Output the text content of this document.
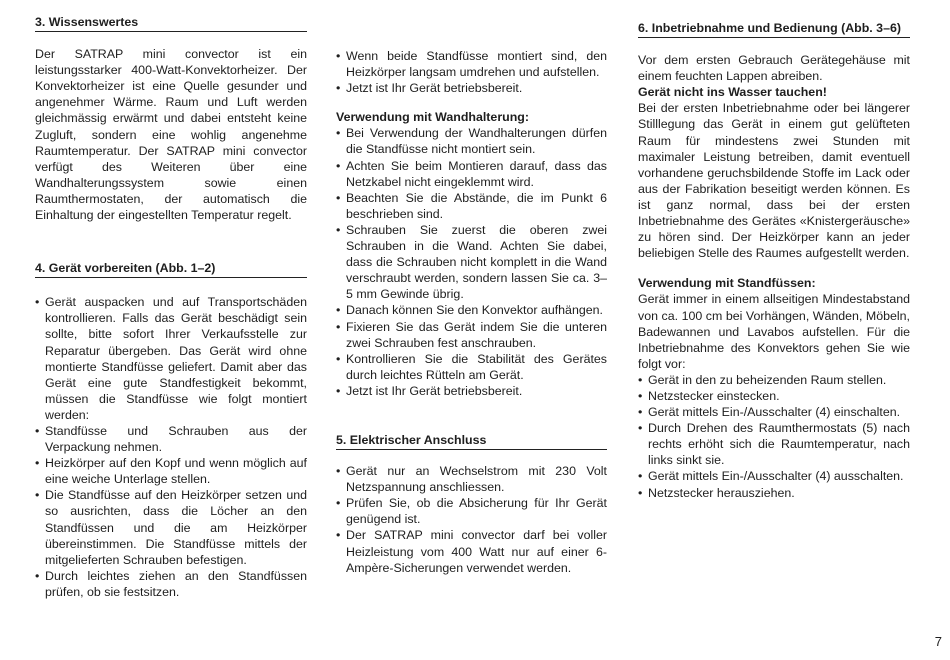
3. Wissenswertes

Der SATRAP mini convector ist ein leistungsstarker 400-Watt-Konvektorheizer. Der Konvektorheizer ist eine Quelle gesunder und angenehmer Wärme. Raum und Luft werden gleichmässig erwärmt und dabei entsteht keine Zugluft, sondern eine wohlig angenehme Raumtemperatur. Der SATRAP mini convector verfügt des Weiteren über eine Wandhalterungssystem sowie einen Raumthermostaten, der automatisch die Einhaltung der eingestellten Temperatur regelt.

4. Gerät vorbereiten (Abb. 1–2)
• Gerät auspacken und auf Transportschäden kontrollieren. Falls das Gerät beschädigt sein sollte, bitte sofort Ihrer Verkaufsstelle zur Reparatur übergeben. Das Gerät wird ohne montierte Standfüsse geliefert. Damit aber das Gerät eine gute Standfestigkeit bekommt, müssen die Standfüsse wie folgt montiert werden:
• Standfüsse und Schrauben aus der Verpackung nehmen.
• Heizkörper auf den Kopf und wenn möglich auf eine weiche Unterlage stellen.
• Die Standfüsse auf den Heizkörper setzen und so ausrichten, dass die Löcher an den Standfüssen und die am Heizkörper übereinstimmen. Die Standfüsse mittels der mitgelieferten Schrauben befestigen.
• Durch leichtes ziehen an den Standfüssen prüfen, ob sie festsitzen.
• Wenn beide Standfüsse montiert sind, den Heizkörper langsam umdrehen und aufstellen.
• Jetzt ist Ihr Gerät betriebsbereit.

Verwendung mit Wandhalterung:

• Bei Verwendung der Wandhalterungen dürfen die Standfüsse nicht montiert sein.
• Achten Sie beim Montieren darauf, dass das Netzkabel nicht eingeklemmt wird.
• Beachten Sie die Abstände, die im Punkt 6 beschrieben sind.
• Schrauben Sie zuerst die oberen zwei Schrauben in die Wand. Achten Sie dabei, dass die Schrauben nicht komplett in die Wand verschraubt werden, sondern lassen Sie ca. 3–5 mm Gewinde übrig.
• Danach können Sie den Konvektor aufhängen.
• Fixieren Sie das Gerät indem Sie die unteren zwei Schrauben fest anschrauben.
• Kontrollieren Sie die Stabilität des Gerätes durch leichtes Rütteln am Gerät.
• Jetzt ist Ihr Gerät betriebsbereit.
5. Elektrischer Anschluss
• Gerät nur an Wechselstrom mit 230 Volt Netzspannung anschliessen.
• Prüfen Sie, ob die Absicherung für Ihr Gerät genügend ist.
• Der SATRAP mini convector darf bei voller Heizleistung vom 400 Watt nur auf einer 6-Ampère-Sicherungen verwendet werden.
6. Inbetriebnahme und Bedienung (Abb. 3–6)

Vor dem ersten Gebrauch Gerätegehäuse mit einem feuchten Lappen abreiben.

Gerät nicht ins Wasser tauchen!

Bei der ersten Inbetriebnahme oder bei längerer Stilllegung das Gerät in einem gut gelüfteten Raum für mindestens zwei Stunden mit maximaler Leistung betreiben, damit eventuell vorhandene geruchsbildende Stoffe im Lack oder aus der Fabrikation beseitigt werden können. Es ist ganz normal, dass bei der ersten Inbetriebnahme des Gerätes «Knistergeräusche» zu hören sind. Der Heizkörper kann an jeder beliebigen Stelle des Raumes aufgestellt werden.

Verwendung mit Standfüssen:

Gerät immer in einem allseitigen Mindestabstand von ca. 100 cm bei Vorhängen, Wänden, Möbeln, Badewannen und Lavabos aufstellen. Für die Inbetriebnahme des Konvektors gehen Sie wie folgt vor:

• Gerät in den zu beheizenden Raum stellen.
• Netzstecker einstecken.
• Gerät mittels Ein-/Ausschalter (4) einschalten.
• Durch Drehen des Raumthermostats (5) nach rechts erhöht sich die Raumtemperatur, nach links sinkt sie.
• Gerät mittels Ein-/Ausschalter (4) ausschalten.
• Netzstecker herausziehen.
7
